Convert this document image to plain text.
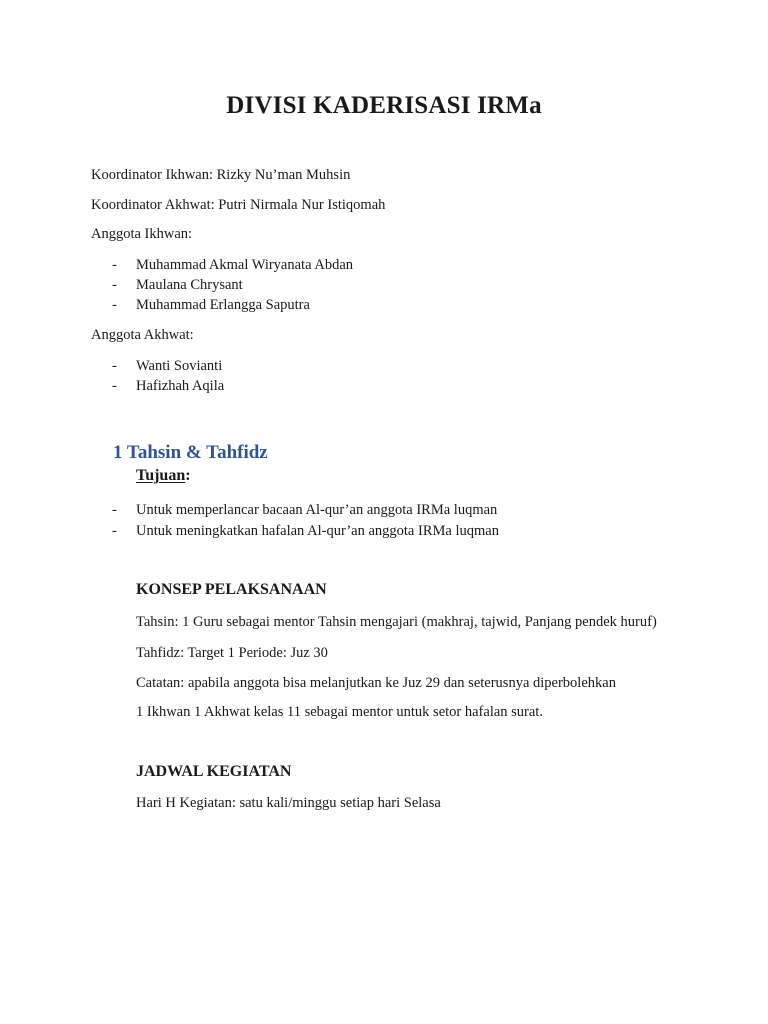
DIVISI KADERISASI IRMa

Koordinator Ikhwan: Rizky Nu’man Muhsin

Koordinator Akhwat: Putri Nirmala Nur Istiqomah

Anggota Ikhwan:

- Muhammad Akmal Wiryanata Abdan
- Maulana Chrysant
- Muhammad Erlangga Saputra

Anggota Akhwat:

- Wanti Sovianti
- Hafizhah Aqila
1 Tahsin & Tahfidz

Tujuan:

- Untuk memperlancar bacaan Al-qur’an anggota IRMa luqman
- Untuk meningkatkan hafalan Al-qur’an anggota IRMa luqman

KONSEP PELAKSANAAN

Tahsin: 1 Guru sebagai mentor Tahsin mengajari (makhraj, tajwid, Panjang pendek huruf)

Tahfidz: Target 1 Periode: Juz 30

Catatan: apabila anggota bisa melanjutkan ke Juz 29 dan seterusnya diperbolehkan

1 Ikhwan 1 Akhwat kelas 11 sebagai mentor untuk setor hafalan surat.

JADWAL KEGIATAN

Hari H Kegiatan: satu kali/minggu setiap hari Selasa
